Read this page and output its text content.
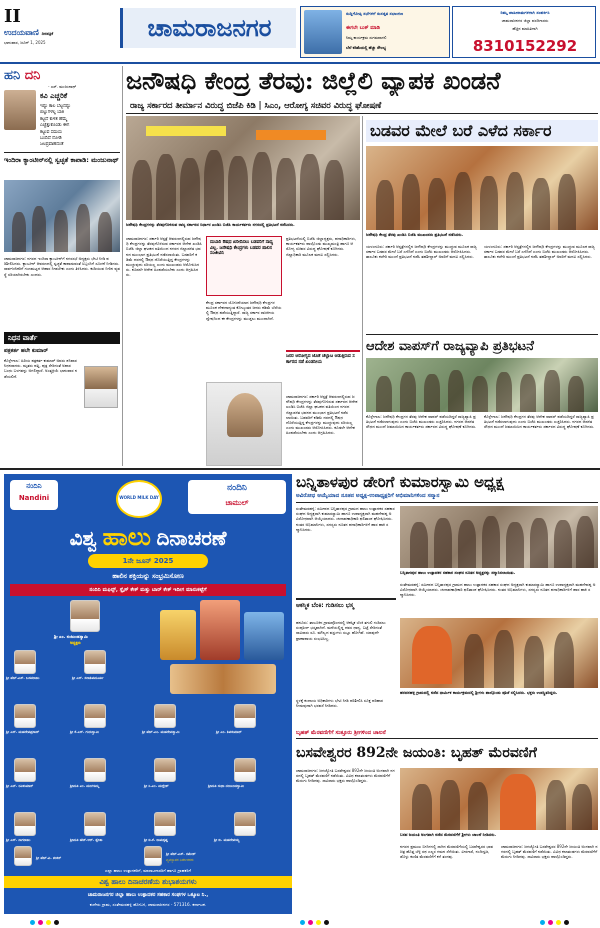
II
ಉದಯವಾಣಿ ದಿನಪತ್ರಿಕೆ
ಭಾನುವಾರ, ಜೂನ್ 1, 2025
ಚಾಮರಾಜನಗರ	ಸುದ್ದಿಗೋಷ್ಠಿ ಸಭೆಗಳಿಗೆ ಸುಸಜ್ಜಿತ ಸಭಾಂಗಣ
ಈಗಲೇ ಬುಕ್ ಮಾಡಿ
ನಿಮ್ಮ ಕಾರ್ಯಕ್ರಮ ಸುಗಮವಾಗಲಿ
ಬೆಲೆ ಕಡಿಮೆಯಲ್ಲಿ ಹೆಚ್ಚು ಸೌಲಭ್ಯ
ನಿಮ್ಮ ಜಾಹೀರಾತುಗಳಿಗಾಗಿ ಸಂಪರ್ಕಿಸಿ
ಚಾಮರಾಜನಗರ ಜಿಲ್ಲಾ ವರದಿಗಾರರು
ಹೆಚ್ಚಿನ ಮಾಹಿತಿಗಾಗಿ
8310152292
ಹನಿ ದನಿ
- ಎಸ್. ಮಂಜುನಾಥ್
ಕವಿ ಎಚ್ಚರಿಕೆ
ಇಷ್ಟು ಕಾಲ ಬೆಟ್ಟದಷ್ಟು
ಬಿಲ್ಲುಗಳೆಲ್ಲ ಬಾಕಿ
ಕಟ್ಟದೆ ಕುಳಿತ ಹೆಮ್ಮೆ
ಎಚ್ಚೆತ್ತುಕೊಂಡು ಈಗ
ಕಟ್ಟುವ ಸಮಯ
ಬಂದಿದೆ ನೋಡಿ
ಜಲಪ್ರವಾಹದಂತೆ
ಇಂದಿರಾ ಕ್ಯಾಂಟೀನ್‌ನಲ್ಲಿ ಸ್ವಚ್ಛತೆ ಕಾಪಾಡಿ: ಮಂಜುನಾಥ್
ಚಾಮರಾಜನಗರ: ನಗರದ ಇಂದಿರಾ ಕ್ಯಾಂಟೀನ್‌ಗೆ ನಗರಸಭೆ ಅಧ್ಯಕ್ಷರು ಭೇಟಿ ನೀಡಿ ಪರಿಶೀಲಿಸಿದರು. ಕ್ಯಾಂಟೀನ್ ಆವರಣದಲ್ಲಿ ಸ್ವಚ್ಛತೆ ಕಾಪಾಡುವಂತೆ ಸಿಬ್ಬಂದಿಗೆ ಸೂಚನೆ ನೀಡಿದರು. ಸಾರ್ವಜನಿಕರಿಗೆ ಗುಣಮಟ್ಟದ ಆಹಾರ ನೀಡಬೇಕು ಎಂದು ತಿಳಿಸಿದರು. ಕುಡಿಯುವ ನೀರಿನ ವ್ಯವಸ್ಥೆ ಸರಿಯಾಗಿರಬೇಕು ಎಂದರು.
ನಿಧನ ವಾರ್ತೆ
ಪತ್ರಕರ್ತ ಹಲೇ ಕುಮಾರ್
ಕೊಳ್ಳೇಗಾಲ: ಹಿರಿಯ ಪತ್ರಕರ್ತ ಕುಮಾರ್ ಅವರು ಶನಿವಾರ ನಿಧನರಾದರು. ಮೃತರು ಪತ್ನಿ, ಪುತ್ರ ಸೇರಿದಂತೆ ಅಪಾರ ಬಂಧು ಬಳಗವನ್ನು ಅಗಲಿದ್ದಾರೆ. ಅಂತ್ಯಕ್ರಿಯೆ ಭಾನುವಾರ ನಡೆಯಲಿದೆ.
ಜನೌಷಧಿ ಕೇಂದ್ರ ತೆರವು: ಜಿಲ್ಲೆಲಿ ವ್ಯಾಪಕ ಖಂಡನೆ
ರಾಜ್ಯ ಸರ್ಕಾರದ ತೀರ್ಮಾನ ವಿರುದ್ಧ ಬಿಜೆಪಿ ಕಿಡಿ | ಸಿಎಂ, ಆರೋಗ್ಯ ಸಚಿವರ ವಿರುದ್ಧ ಘೋಷಣೆ
ಜನೌಷಧಿ ಕೇಂದ್ರಗಳನ್ನು ತೆರವುಗೊಳಿಸುವ ರಾಜ್ಯ ಸರ್ಕಾರದ ನಿರ್ಧಾರ ಖಂಡಿಸಿ ಬಿಜೆಪಿ ಕಾರ್ಯಕರ್ತರು ನಗರದಲ್ಲಿ ಪ್ರತಿಭಟನೆ ನಡೆಸಿದರು.
ಚಾಮರಾಜನಗರ: ಸರ್ಕಾರಿ ಆಸ್ಪತ್ರೆ ಆವರಣದಲ್ಲಿರುವ ಜನೌಷಧಿ ಕೇಂದ್ರಗಳನ್ನು ತೆರವುಗೊಳಿಸುವ ಸರ್ಕಾರದ ಆದೇಶ ಖಂಡಿಸಿ ಬಿಜೆಪಿ ಜಿಲ್ಲಾ ಘಟಕದ ವತಿಯಿಂದ ನಗರದ ಜಿಲ್ಲಾಡಳಿತ ಭವನದ ಮುಂಭಾಗ ಪ್ರತಿಭಟನೆ ನಡೆಸಲಾಯಿತು. ಬಡವರಿಗೆ ಕಡಿಮೆ ದರದಲ್ಲಿ ಔಷಧ ದೊರೆಯುತ್ತಿದ್ದ ಕೇಂದ್ರಗಳನ್ನು ಮುಚ್ಚುವುದು ಸರಿಯಲ್ಲ ಎಂದು ಮುಖಂಡರು ಆರೋಪಿಸಿದರು. ಕೂಡಲೇ ಆದೇಶ ಹಿಂಪಡೆಯಬೇಕು ಎಂದು ಆಗ್ರಹಿಸಿದರು.
ದುಬಾರಿ ಔಷಧ ಖರೀದಿಸಲು ಬಡವರಿಗೆ ಸಾಧ್ಯವಿಲ್ಲ. ಜನೌಷಧಿ ಕೇಂದ್ರಗಳು ಬಡವರ ಪಾಲಿನ ಸಂಜೀವಿನಿ
ಕೇಂದ್ರ ಸರ್ಕಾರದ ಯೋಜನೆಯಾದ ಜನೌಷಧಿ ಕೇಂದ್ರಗಳ ಮೂಲಕ ದೇಶದಾದ್ಯಂತ ಕೋಟ್ಯಂತರ ಜನರು ಕಡಿಮೆ ಬೆಲೆಯಲ್ಲಿ ಔಷಧ ಪಡೆಯುತ್ತಿದ್ದಾರೆ. ರಾಜ್ಯ ಸರ್ಕಾರ ರಾಜಕೀಯ ದ್ವೇಷದಿಂದ ಈ ಕೇಂದ್ರಗಳನ್ನು ಮುಚ್ಚಲು ಮುಂದಾಗಿದೆ.
ಪ್ರತಿಭಟನೆಯಲ್ಲಿ ಬಿಜೆಪಿ ಜಿಲ್ಲಾಧ್ಯಕ್ಷರು, ಪದಾಧಿಕಾರಿಗಳು, ಕಾರ್ಯಕರ್ತರು ಪಾಲ್ಗೊಂಡು ಮುಖ್ಯಮಂತ್ರಿ ಹಾಗೂ ಆರೋಗ್ಯ ಸಚಿವರ ವಿರುದ್ಧ ಘೋಷಣೆ ಕೂಗಿದರು. ಜಿಲ್ಲಾಧಿಕಾರಿ ಮೂಲಕ ಮನವಿ ಸಲ್ಲಿಸಿದರು.
ಜನರ ಆರೋಗ್ಯದ ಜೊತೆ ಚೆಲ್ಲಾಟ ಆಡುತ್ತಿರುವ ಸರ್ಕಾರದ ನಡೆ ಖಂಡನೀಯ
ಚಾಮರಾಜನಗರ: ಸರ್ಕಾರಿ ಆಸ್ಪತ್ರೆ ಆವರಣದಲ್ಲಿರುವ ಜನೌಷಧಿ ಕೇಂದ್ರಗಳನ್ನು ತೆರವುಗೊಳಿಸುವ ಸರ್ಕಾರದ ಆದೇಶ ಖಂಡಿಸಿ ಬಿಜೆಪಿ ಜಿಲ್ಲಾ ಘಟಕದ ವತಿಯಿಂದ ನಗರದ ಜಿಲ್ಲಾಡಳಿತ ಭವನದ ಮುಂಭಾಗ ಪ್ರತಿಭಟನೆ ನಡೆಸಲಾಯಿತು. ಬಡವರಿಗೆ ಕಡಿಮೆ ದರದಲ್ಲಿ ಔಷಧ ದೊರೆಯುತ್ತಿದ್ದ ಕೇಂದ್ರಗಳನ್ನು ಮುಚ್ಚುವುದು ಸರಿಯಲ್ಲ ಎಂದು ಮುಖಂಡರು ಆರೋಪಿಸಿದರು. ಕೂಡಲೇ ಆದೇಶ ಹಿಂಪಡೆಯಬೇಕು ಎಂದು ಆಗ್ರಹಿಸಿದರು.
ಬಡವರ ಮೇಲೆ ಬರೆ ಎಳೆದ ಸರ್ಕಾರ
ಜನೌಷಧಿ ಕೇಂದ್ರ ತೆರವು ಖಂಡಿಸಿ ಬಿಜೆಪಿ ಮುಖಂಡರು ಪ್ರತಿಭಟನೆ ನಡೆಸಿದರು.
ಯಳಂದೂರು: ಸರ್ಕಾರಿ ಆಸ್ಪತ್ರೆಗಳಲ್ಲಿನ ಜನೌಷಧಿ ಕೇಂದ್ರಗಳನ್ನು ಮುಚ್ಚುವ ಮೂಲಕ ರಾಜ್ಯ ಸರ್ಕಾರ ಬಡವರ ಮೇಲೆ ಬರೆ ಎಳೆದಿದೆ ಎಂದು ಬಿಜೆಪಿ ಮುಖಂಡರು ಆರೋಪಿಸಿದರು. ತಾಲೂಕು ಕಚೇರಿ ಮುಂದೆ ಪ್ರತಿಭಟನೆ ನಡೆಸಿ ತಹಶೀಲ್ದಾರ್ ಅವರಿಗೆ ಮನವಿ ಸಲ್ಲಿಸಿದರು.
ಯಳಂದೂರು: ಸರ್ಕಾರಿ ಆಸ್ಪತ್ರೆಗಳಲ್ಲಿನ ಜನೌಷಧಿ ಕೇಂದ್ರಗಳನ್ನು ಮುಚ್ಚುವ ಮೂಲಕ ರಾಜ್ಯ ಸರ್ಕಾರ ಬಡವರ ಮೇಲೆ ಬರೆ ಎಳೆದಿದೆ ಎಂದು ಬಿಜೆಪಿ ಮುಖಂಡರು ಆರೋಪಿಸಿದರು. ತಾಲೂಕು ಕಚೇರಿ ಮುಂದೆ ಪ್ರತಿಭಟನೆ ನಡೆಸಿ ತಹಶೀಲ್ದಾರ್ ಅವರಿಗೆ ಮನವಿ ಸಲ್ಲಿಸಿದರು.
ಆದೇಶ ವಾಪಸ್‌ಗೆ ರಾಜ್ಯವ್ಯಾಪಿ ಪ್ರತಿಭಟನೆ
ಕೊಳ್ಳೇಗಾಲ: ಜನೌಷಧಿ ಕೇಂದ್ರಗಳ ತೆರವು ಆದೇಶ ವಾಪಸ್ ಪಡೆಯದಿದ್ದರೆ ರಾಜ್ಯವ್ಯಾಪಿ ಪ್ರತಿಭಟನೆ ನಡೆಸಲಾಗುವುದು ಎಂದು ಬಿಜೆಪಿ ಮುಖಂಡರು ಎಚ್ಚರಿಸಿದರು. ನಗರದ ಆಡಳಿತ ಸೌಧದ ಮುಂದೆ ಜಮಾಯಿಸಿದ ಕಾರ್ಯಕರ್ತರು ಸರ್ಕಾರದ ವಿರುದ್ಧ ಘೋಷಣೆ ಕೂಗಿದರು.
ಕೊಳ್ಳೇಗಾಲ: ಜನೌಷಧಿ ಕೇಂದ್ರಗಳ ತೆರವು ಆದೇಶ ವಾಪಸ್ ಪಡೆಯದಿದ್ದರೆ ರಾಜ್ಯವ್ಯಾಪಿ ಪ್ರತಿಭಟನೆ ನಡೆಸಲಾಗುವುದು ಎಂದು ಬಿಜೆಪಿ ಮುಖಂಡರು ಎಚ್ಚರಿಸಿದರು. ನಗರದ ಆಡಳಿತ ಸೌಧದ ಮುಂದೆ ಜಮಾಯಿಸಿದ ಕಾರ್ಯಕರ್ತರು ಸರ್ಕಾರದ ವಿರುದ್ಧ ಘೋಷಣೆ ಕೂಗಿದರು.
ನಂದಿನಿ
Nandini	WORLD MILK DAY
ನಂದಿನಿ
ಚಾಮುಲ್
ವಿಶ್ವ ಹಾಲು ದಿನಾಚರಣೆ
1ನೇ ಜೂನ್ 2025
ಹಾಲಿನ ಶಕ್ತಿಯನ್ನು ಸಂಭ್ರಮಿಸೋಣ
ನಂದಿನಿ ಮಫಿನ್ಸ್, ಸ್ಲೈಸ್ ಕೇಕ್ ಮತ್ತು ಬಾರ್ ಕೇಕ್ ಇದೀಗ ಮಾರುಕಟ್ಟೆಗೆ
ಶ್ರೀ ಎಂ. ನಂಜುಂಡಸ್ವಾಮಿ
ಅಧ್ಯಕ್ಷರು
ಶ್ರೀ ಹೆಚ್.ಎಸ್. ಬಸವರಾಜು	ಶ್ರೀ ಎಸ್. ಸದಾಶಿವಮೂರ್ತಿ
ಶ್ರೀ ಹೆಚ್.ಎಂ. ಮಹದೇವಸ್ವಾಮಿ	ಶ್ರೀ ಎಂ. ಶಿವಕುಮಾರ್
ಶ್ರೀ ಎಸ್. ಮಹದೇವಪ್ರಸಾದ್	ಶ್ರೀ ಕೆ.ಎಸ್. ಗುರುಸ್ವಾಮಿ
ಶ್ರೀ ಎನ್. ರವಿಕುಮಾರ್	ಶ್ರೀಮತಿ ಎಂ. ಮಂಗಳಮ್ಮ	ಶ್ರೀ ಸಿ.ಎಂ. ಮಲ್ಲೇಶ್	ಶ್ರೀಮತಿ ಸುಧಾ ನಂಜುಂಡಸ್ವಾಮಿ
ಶ್ರೀ ಎಸ್. ನಾಗರಾಜು	ಶ್ರೀಮತಿ ಹೆಚ್.ಆರ್. ಶ್ವೇತಾ	ಶ್ರೀ ಡಿ.ಕೆ. ರಾಮಕೃಷ್ಣ	ಶ್ರೀ ಬಿ. ಮಹದೇವಯ್ಯ
ಶ್ರೀ ಹೆಚ್.ಪಿ. ಶಂಕರ್
ಶ್ರೀ ಹೆಚ್.ಎಸ್. ರಮೇಶ್
ವ್ಯವಸ್ಥಾಪಕ ನಿರ್ದೇಶಕರು
ಎಲ್ಲಾ ಹಾಲು ಉತ್ಪಾದಕರಿಗೆ, ಮಾರಾಟಗಾರರಿಗೆ ಹಾಗೂ ಗ್ರಾಹಕರಿಗೆ
ವಿಶ್ವ ಹಾಲು ದಿನಾಚರಣೆಯ ಶುಭಾಶಯಗಳು
ಚಾಮರಾಜನಗರ ಜಿಲ್ಲಾ ಹಾಲು ಉತ್ಪಾದಕರ ಸಹಕಾರ ಸಂಘಗಳ ಒಕ್ಕೂಟ ನಿ.,
ಕುದೇರು ಗ್ರಾಮ, ಸಂತೇಮರಹಳ್ಳಿ ಹೋಬಳಿ, ಚಾಮರಾಜನಗರ - 571316. ಕರ್ನಾಟಕ.
ಬನ್ನಿತಾಳಪುರ ಡೇರಿಗೆ ಕುಮಾರಸ್ವಾಮಿ ಅಧ್ಯಕ್ಷ
ಅವಿರೋಧ ಆಯ್ಕೆಯಾದ ನೂತನ ಅಧ್ಯಕ್ಷ-ಉಪಾಧ್ಯಕ್ಷರಿಗೆ ಅಭಿಮಾನಿಗಳಿಂದ ಸನ್ಮಾನ
ಸಂತೇಮರಹಳ್ಳಿ: ಸಮೀಪದ ಬನ್ನಿತಾಳಪುರ ಗ್ರಾಮದ ಹಾಲು ಉತ್ಪಾದಕರ ಸಹಕಾರ ಸಂಘದ ಅಧ್ಯಕ್ಷರಾಗಿ ಕುಮಾರಸ್ವಾಮಿ ಹಾಗೂ ಉಪಾಧ್ಯಕ್ಷರಾಗಿ ಮಹದೇವಪ್ಪ ಅವಿರೋಧವಾಗಿ ಆಯ್ಕೆಯಾದರು. ಚುನಾವಣಾಧಿಕಾರಿ ಫಲಿತಾಂಶ ಘೋಷಿಸಿದರು. ನಂತರ ಅಭಿಮಾನಿಗಳು, ಸದಸ್ಯರು ನೂತನ ಪದಾಧಿಕಾರಿಗಳಿಗೆ ಹಾರ ಹಾಕಿ ಸನ್ಮಾನಿಸಿದರು.
ಬನ್ನಿತಾಳಪುರ ಹಾಲು ಉತ್ಪಾದಕರ ಸಹಕಾರ ಸಂಘದ ನೂತನ ಅಧ್ಯಕ್ಷರನ್ನು ಸನ್ಮಾನಿಸಲಾಯಿತು.
ಸಂತೇಮರಹಳ್ಳಿ: ಸಮೀಪದ ಬನ್ನಿತಾಳಪುರ ಗ್ರಾಮದ ಹಾಲು ಉತ್ಪಾದಕರ ಸಹಕಾರ ಸಂಘದ ಅಧ್ಯಕ್ಷರಾಗಿ ಕುಮಾರಸ್ವಾಮಿ ಹಾಗೂ ಉಪಾಧ್ಯಕ್ಷರಾಗಿ ಮಹದೇವಪ್ಪ ಅವಿರೋಧವಾಗಿ ಆಯ್ಕೆಯಾದರು. ಚುನಾವಣಾಧಿಕಾರಿ ಫಲಿತಾಂಶ ಘೋಷಿಸಿದರು. ನಂತರ ಅಭಿಮಾನಿಗಳು, ಸದಸ್ಯರು ನೂತನ ಪದಾಧಿಕಾರಿಗಳಿಗೆ ಹಾರ ಹಾಕಿ ಸನ್ಮಾನಿಸಿದರು.
ಆಕಸ್ಮಿಕ ಬೆಂಕಿ: ಗುಡಿಸಲು ಭಸ್ಮ
ಹನೂರು: ತಾಲೂಕಿನ ಗ್ರಾಮವೊಂದರಲ್ಲಿ ಆಕಸ್ಮಿಕ ಬೆಂಕಿ ತಗುಲಿ ಗುಡಿಸಲು ಸಂಪೂರ್ಣ ಭಸ್ಮವಾಗಿದೆ. ಮನೆಯಲ್ಲಿದ್ದ ದವಸ ಧಾನ್ಯ, ಬಟ್ಟೆ ಸೇರಿದಂತೆ ಸಾವಿರಾರು ರೂ. ಮೌಲ್ಯದ ವಸ್ತುಗಳು ಸುಟ್ಟು ಹೋಗಿವೆ. ಯಾವುದೇ ಪ್ರಾಣಾಪಾಯ ಸಂಭವಿಸಿಲ್ಲ.
ಸ್ಥಳಕ್ಕೆ ಕಂದಾಯ ಅಧಿಕಾರಿಗಳು ಭೇಟಿ ನೀಡಿ ಪರಿಶೀಲಿಸಿ ಸೂಕ್ತ ಪರಿಹಾರ ನೀಡುವುದಾಗಿ ಭರವಸೆ ನೀಡಿದರು.
ಹರದನಹಳ್ಳಿ ಗ್ರಾಮದಲ್ಲಿ ನಡೆದ ಧಾರ್ಮಿಕ ಕಾರ್ಯಕ್ರಮದಲ್ಲಿ ಶ್ರೀಗಳು ಪಾಲ್ಗೊಂಡು ಪೂಜೆ ಸಲ್ಲಿಸಿದರು. ಭಕ್ತರು ಉಪಸ್ಥಿತರಿದ್ದರು.
ಬೃಹತ್ ಮೆರವಣಿಗೆಗೆ ಸುತ್ತೂರು ಶ್ರೀಗಳಿಂದ ಚಾಲನೆ
ಬಸವೇಶ್ವರರ 892ನೇ ಜಯಂತಿ: ಬೃಹತ್ ಮೆರವಣಿಗೆ
ಚಾಮರಾಜನಗರ: ಜಗಜ್ಯೋತಿ ಬಸವೇಶ್ವರರ 892ನೇ ಜಯಂತಿ ಅಂಗವಾಗಿ ನಗರದಲ್ಲಿ ಬೃಹತ್ ಮೆರವಣಿಗೆ ನಡೆಯಿತು. ವಿವಿಧ ಕಲಾತಂಡಗಳು ಮೆರವಣಿಗೆಗೆ ಮೆರುಗು ನೀಡಿದವು. ಸಾವಿರಾರು ಭಕ್ತರು ಪಾಲ್ಗೊಂಡಿದ್ದರು.
ಬಸವ ಜಯಂತಿ ಅಂಗವಾಗಿ ನಡೆದ ಮೆರವಣಿಗೆಗೆ ಶ್ರೀಗಳು ಚಾಲನೆ ನೀಡಿದರು.
ನಗರದ ಪ್ರಮುಖ ಬೀದಿಗಳಲ್ಲಿ ಸಾಗಿದ ಮೆರವಣಿಗೆಯಲ್ಲಿ ಬಸವೇಶ್ವರರ ಭಾವಚಿತ್ರ ಹೊತ್ತ ಬೆಳ್ಳಿ ರಥ ಎಲ್ಲರ ಗಮನ ಸೆಳೆಯಿತು. ವೀರಗಾಸೆ, ನಂದಿಧ್ವಜ, ಡೊಳ್ಳು ಕುಣಿತ ಮೆರವಣಿಗೆಗೆ ಕಳೆ ತಂದವು.
ಚಾಮರಾಜನಗರ: ಜಗಜ್ಯೋತಿ ಬಸವೇಶ್ವರರ 892ನೇ ಜಯಂತಿ ಅಂಗವಾಗಿ ನಗರದಲ್ಲಿ ಬೃಹತ್ ಮೆರವಣಿಗೆ ನಡೆಯಿತು. ವಿವಿಧ ಕಲಾತಂಡಗಳು ಮೆರವಣಿಗೆಗೆ ಮೆರುಗು ನೀಡಿದವು. ಸಾವಿರಾರು ಭಕ್ತರು ಪಾಲ್ಗೊಂಡಿದ್ದರು.
